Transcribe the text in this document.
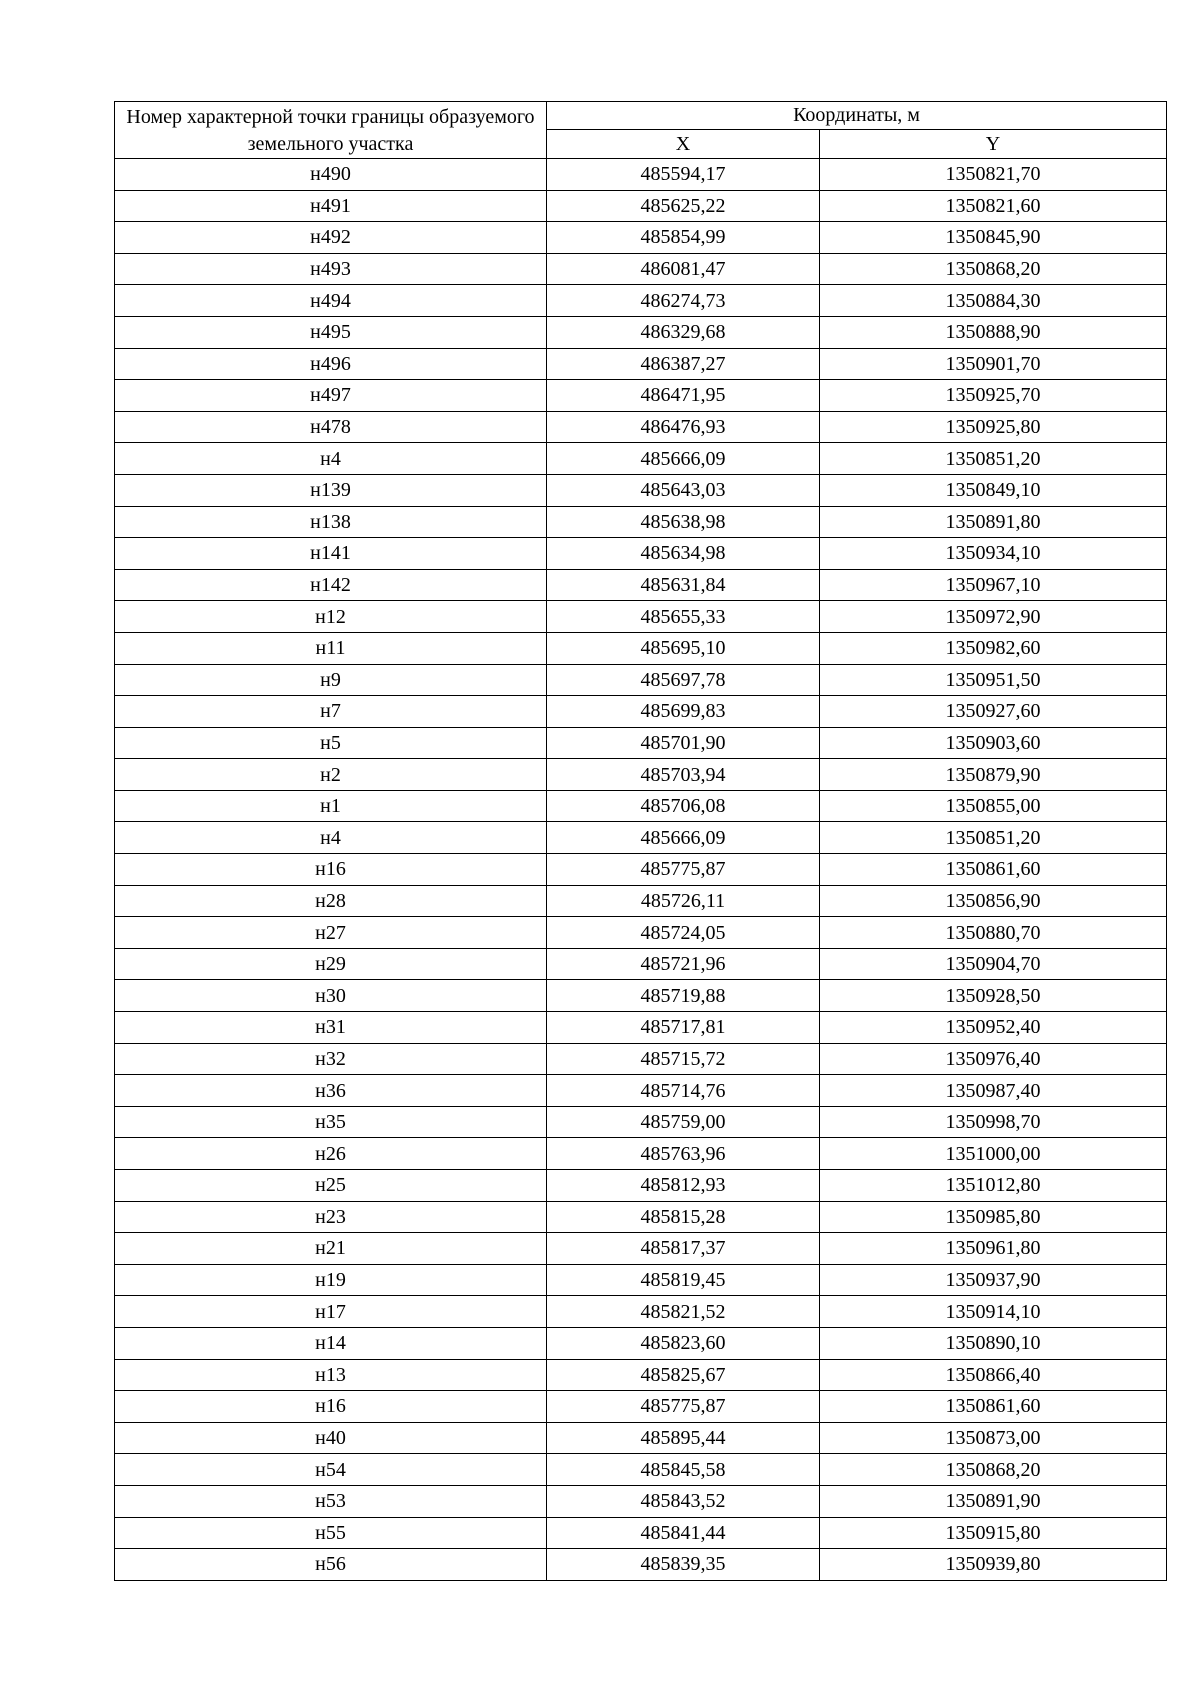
Номер характерной точки границы образуемого земельного участка	Координаты, м	
	X	Y
н490	485594,17	1350821,70
н491	485625,22	1350821,60
н492	485854,99	1350845,90
н493	486081,47	1350868,20
н494	486274,73	1350884,30
н495	486329,68	1350888,90
н496	486387,27	1350901,70
н497	486471,95	1350925,70
н478	486476,93	1350925,80
н4	485666,09	1350851,20
н139	485643,03	1350849,10
н138	485638,98	1350891,80
н141	485634,98	1350934,10
н142	485631,84	1350967,10
н12	485655,33	1350972,90
н11	485695,10	1350982,60
н9	485697,78	1350951,50
н7	485699,83	1350927,60
н5	485701,90	1350903,60
н2	485703,94	1350879,90
н1	485706,08	1350855,00
н4	485666,09	1350851,20
н16	485775,87	1350861,60
н28	485726,11	1350856,90
н27	485724,05	1350880,70
н29	485721,96	1350904,70
н30	485719,88	1350928,50
н31	485717,81	1350952,40
н32	485715,72	1350976,40
н36	485714,76	1350987,40
н35	485759,00	1350998,70
н26	485763,96	1351000,00
н25	485812,93	1351012,80
н23	485815,28	1350985,80
н21	485817,37	1350961,80
н19	485819,45	1350937,90
н17	485821,52	1350914,10
н14	485823,60	1350890,10
н13	485825,67	1350866,40
н16	485775,87	1350861,60
н40	485895,44	1350873,00
н54	485845,58	1350868,20
н53	485843,52	1350891,90
н55	485841,44	1350915,80
н56	485839,35	1350939,80
